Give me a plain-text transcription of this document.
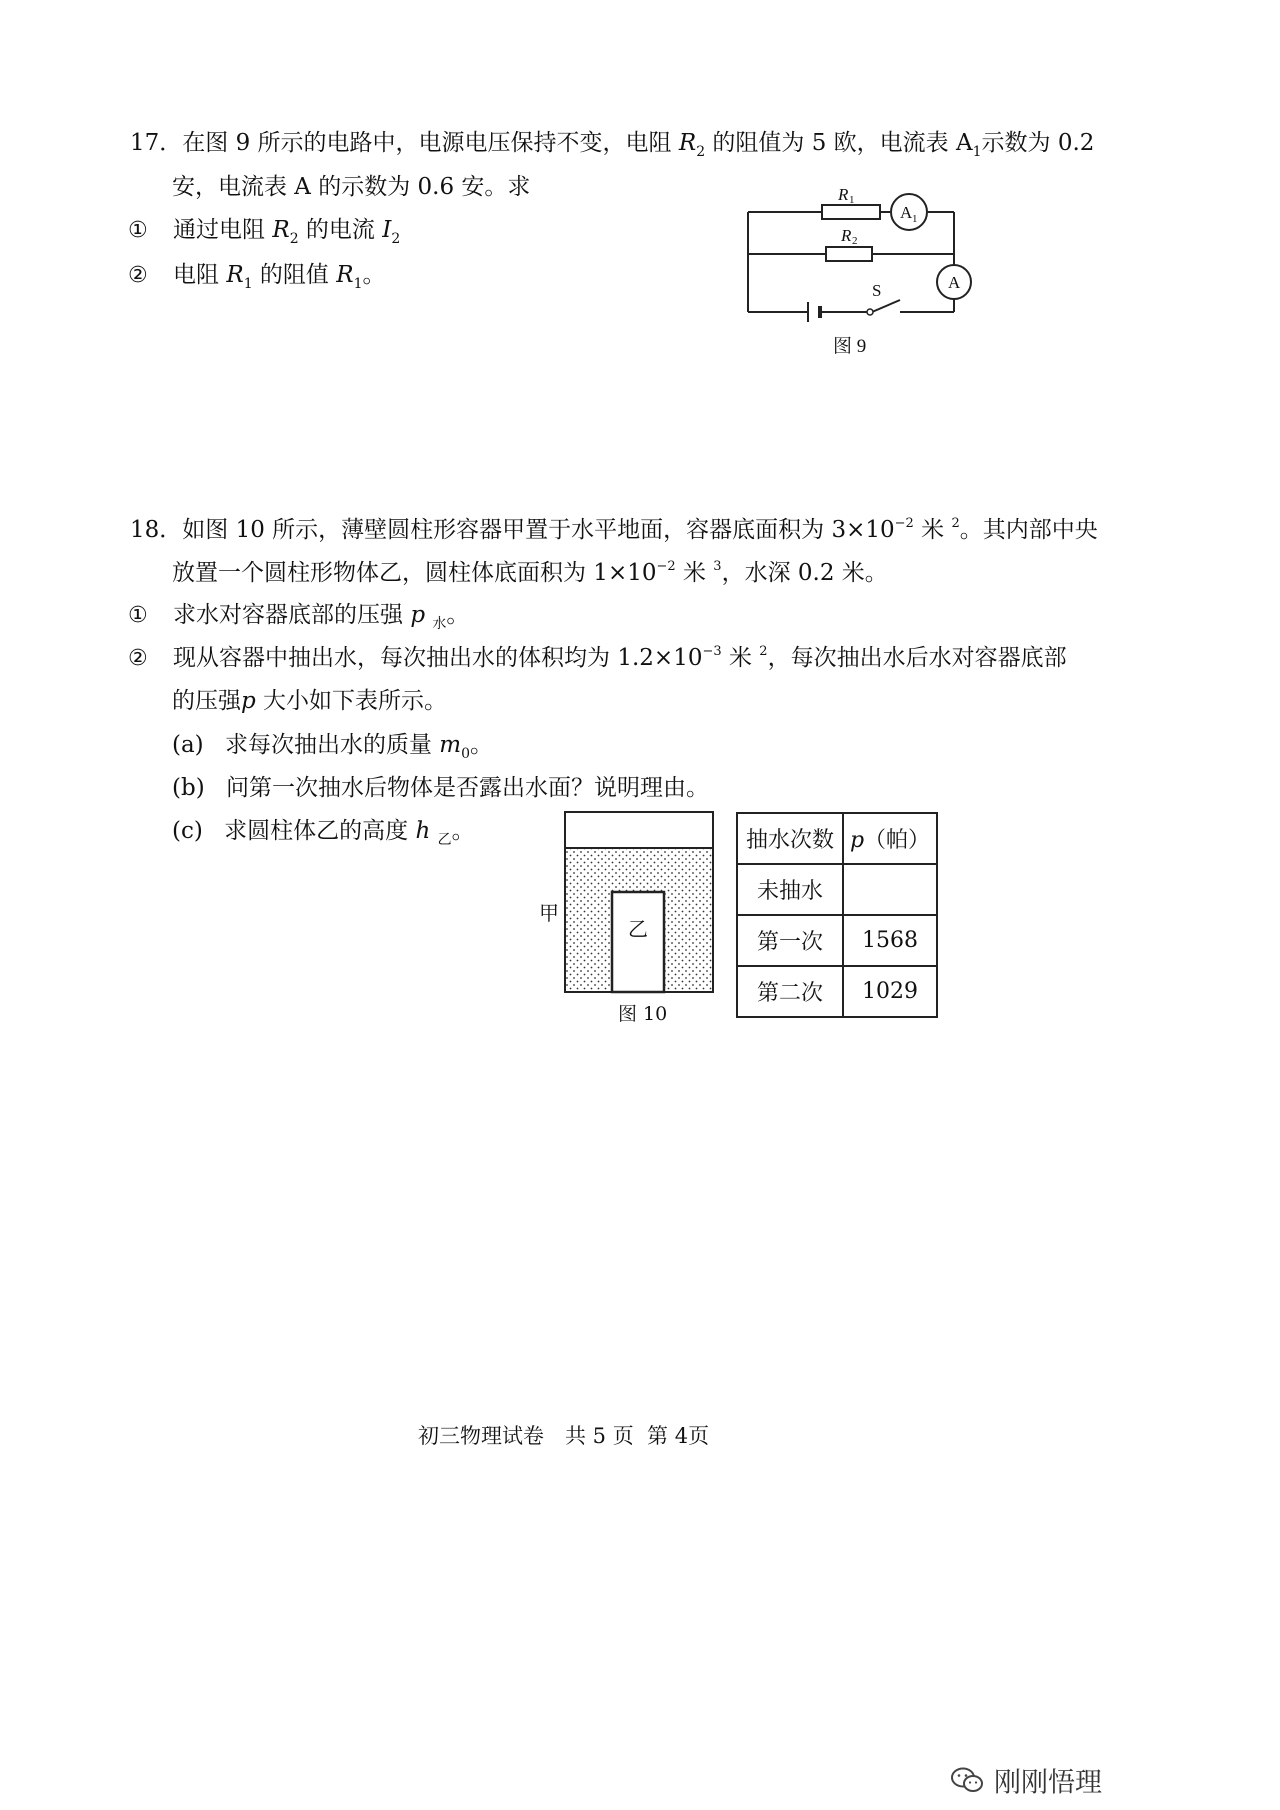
17．在图 9 所示的电路中，电源电压保持不变，电阻 $R_2$ 的阻值为 5 欧，电流表 $A_1$示数为 0.2
安，电流表 A 的示数为 0.6 安。求
① 通过电阻 $R_2$ 的电流 $I_2$
② 电阻 $R_1$ 的阻值 $R_1$。
R 1
R 2
A 1
A
S
图 9
18．如图 10 所示，薄壁圆柱形容器甲置于水平地面，容器底面积为 $3\times 10^{-2}$ 米 $^2$。其内部中央
放置一个圆柱形物体乙，圆柱体底面积为 $1\times 10^{-2}$ 米 $^3$，水深 0.2 米。
① 求水对容器底部的压强 p $_水$。
② 现从容器中抽出水，每次抽出水的体积均为 $1.2\times 10^{-3}$ 米 $^2$，每次抽出水后水对容器底部
的压强p 大小如下表所示。
(a) 求每次抽出水的质量 $m_0$。
(b) 问第一次抽水后物体是否露出水面？说明理由。
(c) 求圆柱体乙的高度 h $_乙$。
乙
甲
图 10
抽水次数	p（帕）
未抽水	
第一次	1568
第二次	1029
初三物理试卷　共 5 页  第 4页
刚刚悟理
